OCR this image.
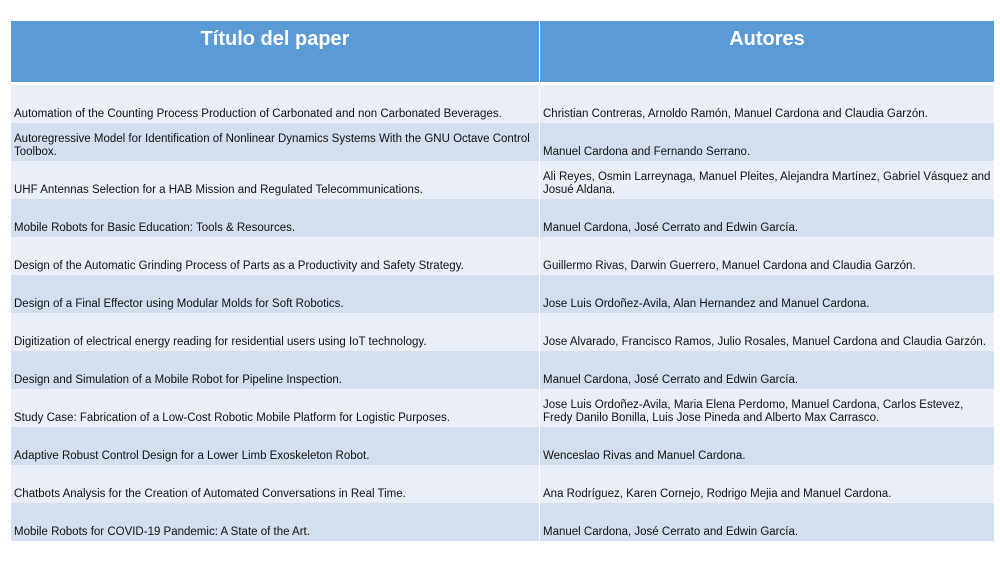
Título del paper	Autores
Automation of the Counting Process Production of Carbonated and non Carbonated Beverages.	Christian Contreras, Arnoldo Ramón, Manuel Cardona and Claudia Garzón.
Autoregressive Model for Identification of Nonlinear Dynamics Systems With the GNU Octave Control Toolbox.	Manuel Cardona and Fernando Serrano.
UHF Antennas Selection for a HAB Mission and Regulated Telecommunications.	Ali Reyes, Osmin Larreynaga, Manuel Pleites, Alejandra Martínez, Gabriel Vásquez and Josué Aldana.
Mobile Robots for Basic Education: Tools & Resources.	Manuel Cardona, José Cerrato and Edwin García.
Design of the Automatic Grinding Process of Parts as a Productivity and Safety Strategy.	Guillermo Rivas, Darwin Guerrero, Manuel Cardona and Claudia Garzón.
Design of a Final Effector using Modular Molds for Soft Robotics.	Jose Luis Ordoñez-Avila, Alan Hernandez and Manuel Cardona.
Digitization of electrical energy reading for residential users using IoT technology.	Jose Alvarado, Francisco Ramos, Julio Rosales, Manuel Cardona and Claudia Garzón.
Design and Simulation of a Mobile Robot for Pipeline Inspection.	Manuel Cardona, José Cerrato and Edwin García.
Study Case: Fabrication of a Low-Cost Robotic Mobile Platform for Logistic Purposes.	Jose Luis Ordoñez-Avila, Maria Elena Perdomo, Manuel Cardona, Carlos Estevez, Fredy Danilo Bonilla, Luis Jose Pineda and Alberto Max Carrasco.
Adaptive Robust Control Design for a Lower Limb Exoskeleton Robot.	Wenceslao Rivas and Manuel Cardona.
Chatbots Analysis for the Creation of Automated Conversations in Real Time.	Ana Rodríguez, Karen Cornejo, Rodrigo Mejia and Manuel Cardona.
Mobile Robots for COVID-19 Pandemic: A State of the Art.	Manuel Cardona, José Cerrato and Edwin García.
